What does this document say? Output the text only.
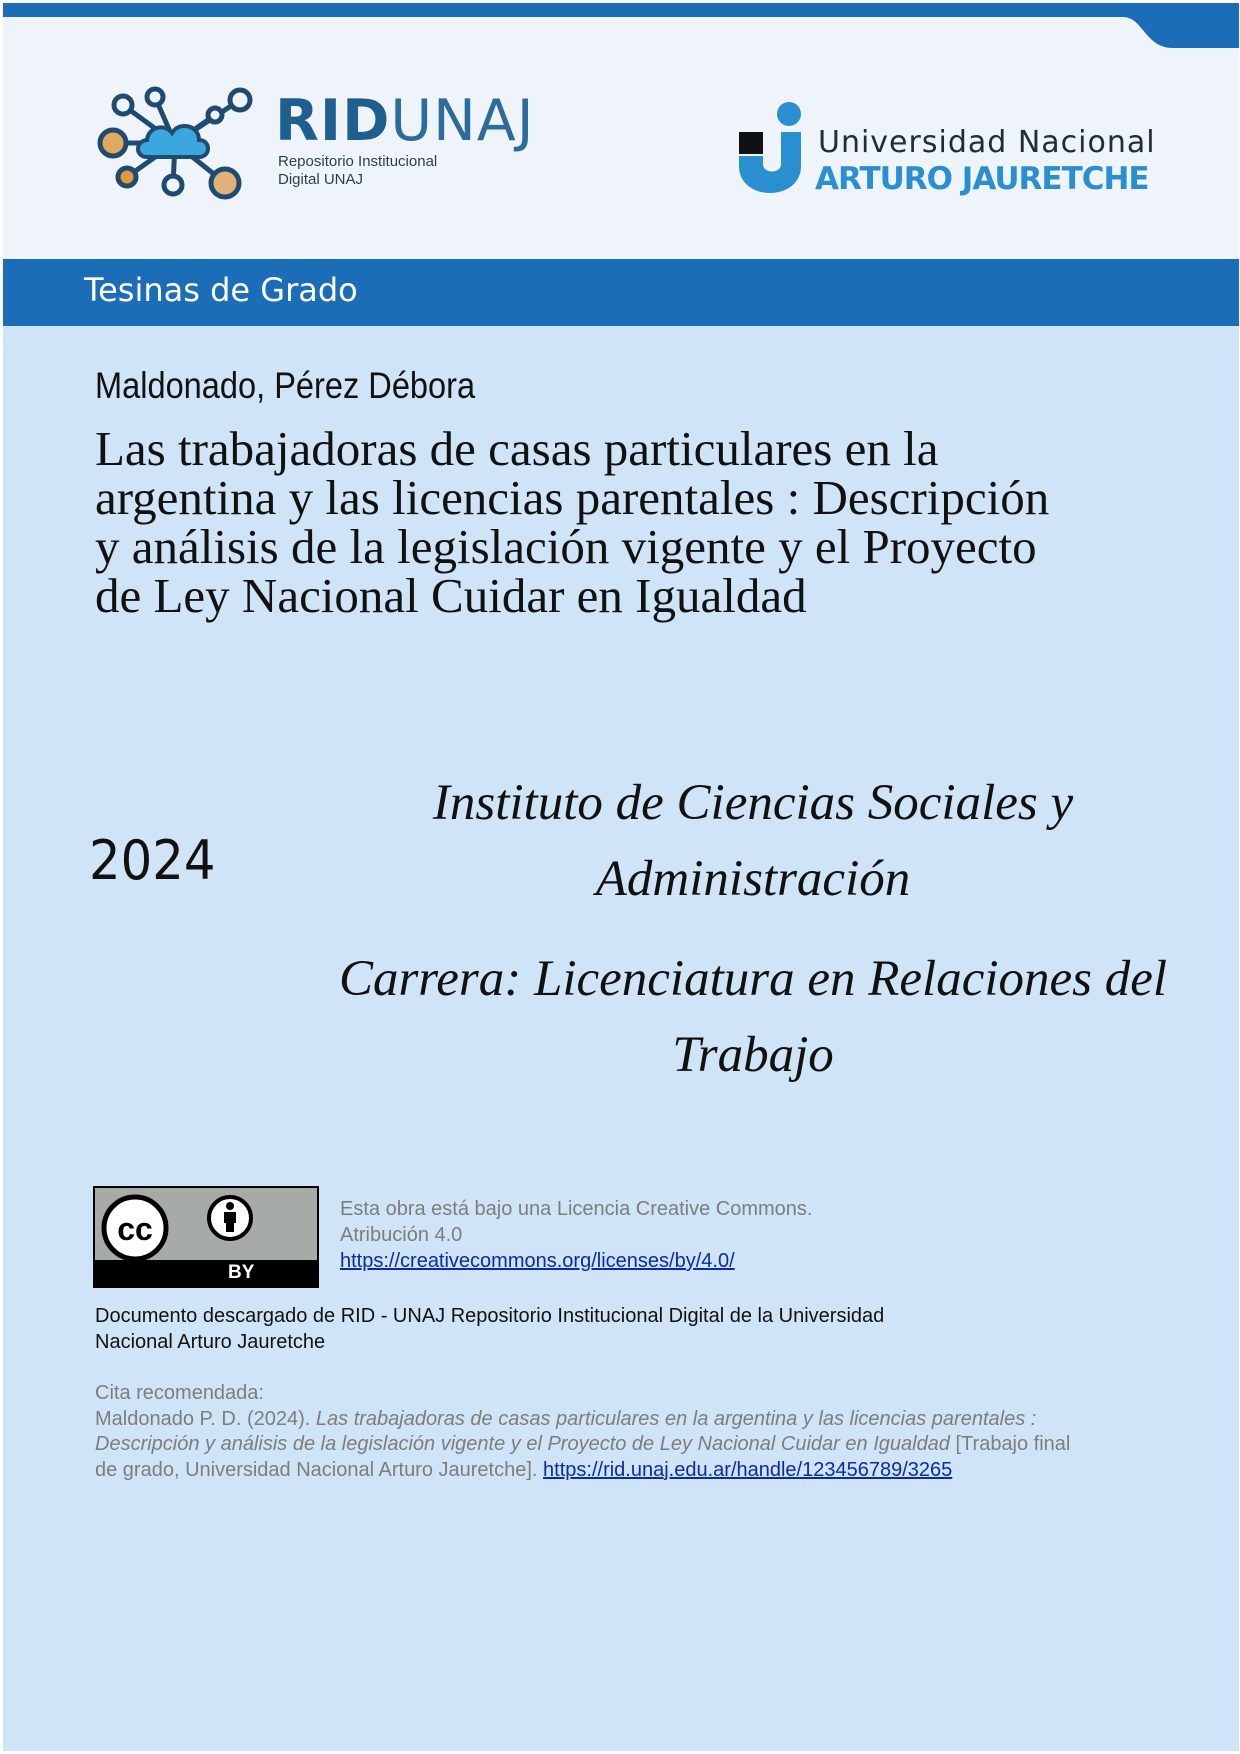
RIDUNAJ
Repositorio Institucional
Digital UNAJ
Universidad Nacional
ARTURO JAURETCHE
Tesinas de Grado
Maldonado, Pérez Débora
Las trabajadoras de casas particulares en la
argentina y las licencias parentales : Descripción
y análisis de la legislación vigente y el Proyecto
de Ley Nacional Cuidar en Igualdad
2024
Instituto de Ciencias Sociales y
Administración
Carrera: Licenciatura en Relaciones del
Trabajo
cc
BY
Esta obra está bajo una Licencia Creative Commons.
Atribución 4.0
https://creativecommons.org/licenses/by/4.0/
Documento descargado de RID - UNAJ Repositorio Institucional Digital de la Universidad
Nacional Arturo Jauretche
Cita recomendada:
Maldonado P. D. (2024). Las trabajadoras de casas particulares en la argentina y las licencias parentales :
Descripción y análisis de la legislación vigente y el Proyecto de Ley Nacional Cuidar en Igualdad [Trabajo final
de grado, Universidad Nacional Arturo Jauretche]. https://rid.unaj.edu.ar/handle/123456789/3265
